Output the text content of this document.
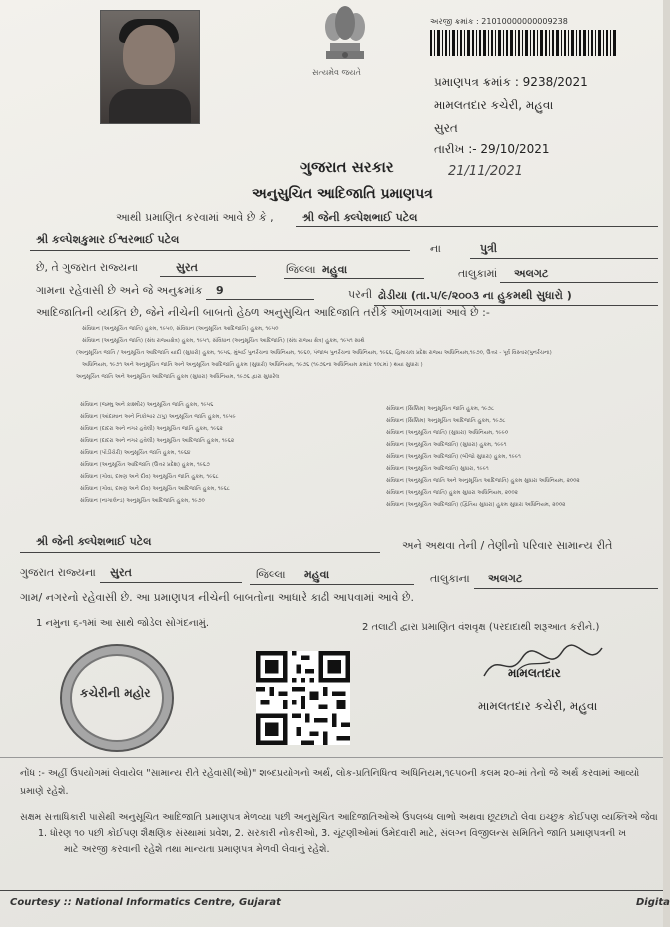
સત્યમેવ જયતે
અરજી ક્રમાંક : 21010000000009238
પ્રમાણપત્ર ક્રમાંક : 9238/2021
મામલતદાર કચેરી, મહુવા
સુરત
તારીખ :- 29/10/2021
21/11/2021
ગુજરાત સરકાર
અનુસુચિત આદિજાતિ પ્રમાણપત્ર
આથી પ્રમાણિત કરવામાં આવે છે કે ,	શ્રી જેની ક્લ્પેશભાઈ પટેલ
શ્રી કલ્પેશકુમાર ઈશ્વરભાઈ પટેલ
ના	પુત્રી
છે, તે ગુજરાત રાજ્યના	સુરત	જિલ્લા મહુવા	તાલુકામાં અલગટ
ગામના રહેવાસી છે અને જે અનુક્રમાંક 9	પરની ઢોડીયા (તા.૫/૯/૨૦૦૩ ના હુકમથી સુધારો )
આદિજાતિની વ્યક્તિ છે, જેને નીચેની બાબતો હેઠળ અનુસુચિત આદિજાતિ તરીકે ઓળખવામાં આવે છે :-
સંવિધાન (અનુસૂચિત જાતિ) હુકમ, ૧૯૫૦, સંવિધાન (અનુસૂચિત આદિજાતિ) હુકમ, ૧૯૫૦
સંવિધાન (અનુસૂચિત જાતિ) (સંઘ રાજ્યક્ષેત્ર) હુકમ, ૧૯૫૧, સંવિધાન (અનુસૂચિત આદિજાતિ) (સંઘ રાજ્ય ક્ષેત્ર) હુકમ, ૧૯૫૧ સાથે
(અનુસૂચિત જાતિ / અનુસૂચિત આદિજાતિ યાદી (સુધારો) હુકમ, ૧૯૫૬, મુંબઈ પુનર્રચના અધિનિયમ, ૧૯૬૦, પંજાબ પુનર્રચના અધિનિયમ, ૧૯૬૬, હિમાચલ પ્રદેશ રાજ્ય અધિનિયમ,૧૯૭૦, ઉત્તર - પૂર્વ વિસ્તાર(પુનર્રચના)
અધિનિયમ, ૧૯૭૧ અને અનુસૂચિત જાતિ અને અનુસૂચિત આદિજાતિ હુકમ (સુધારો) અધિનિયમ, ૧૯૭૬ (૧૯૭૬ના અધિનિયમ ક્રમાંક ૧૦૮માં ) થયા સુધારા )
અનુસૂચિત જાતિ અને અનુસૂચિત આદિજાતિ હુકમ (સુધારા) અધિનિયમ, ૧૯૭૬ દ્વારા સુધારેલ
સંવિધાન (જમ્મુ અને કાશ્મીર) અનુસૂચિત જાતિ હુકમ, ૧૯૫૬
સંવિધાન (આંદામાન અને નિકોબાર ટાપુ) અનુસૂચિત જાતિ હુકમ, ૧૯૫૯
સંવિધાન (દાદરા અને નગર હવેલી) અનુસૂચિત જાતિ હુકમ, ૧૯૬૨
સંવિધાન (દાદરા અને નગર હવેલી) અનુસૂચિત આદિજાતિ હુકમ, ૧૯૬૨
સંવિધાન (પોંડીચેરી) અનુસૂચિત જાતિ હુકમ, ૧૯૬૪
સંવિધાન (અનુસૂચિત આદિજાતિ (ઉત્તર પ્રદેશ) હુકમ, ૧૯૬૭
સંવિધાન (ગોવા, દમણ અને દીવ) અનુસૂચિત જાતિ હુકમ, ૧૯૬૮
સંવિધાન (ગોવા, દમણ અને દીવ) અનુસૂચિત આદિજાતિ હુકમ, ૧૯૬૮
સંવિધાન (નાગાલેન્ડ) અનુસૂચિત આદિજાતિ હુકમ, ૧૯૭૦
સંવિધાન (સિક્કિમ) અનુસૂચિત જાતિ હુકમ, ૧૯૭૮
સંવિધાન (સિક્કિમ) અનુસૂચિત આદિજાતિ હુકમ, ૧૯૭૮
સંવિધાન (અનુસૂચિત જાતિ) (સુધારા) અધિનિયમ, ૧૯૯૦
સંવિધાન (અનુસૂચિત આદિજાતિ) (સુધારા) હુકમ, ૧૯૯૧
સંવિધાન (અનુસૂચિત આદિજાતિ) (બીજો સુધારા) હુકમ, ૧૯૯૧
સંવિધાન (અનુસૂચિત આદિજાતિ) સુધારા, ૧૯૯૧
સંવિધાન (અનુસૂચિત જાતિ અને અનુસૂચિત આદિજાતિ) હુકમ સુધારા અધિનિયમ, ૨૦૦૨
સંવિધાન (અનુસૂચિત જાતિ) હુકમ સુધારા અધિનિયમ, ૨૦૦૨
સંવિધાન (અનુસૂચિત આદિજાતિ) (દ્વિતિય સુધારા) હુકમ સુધારા અધિનિયમ, ૨૦૦૨
શ્રી જેની ક્લ્પેશભાઈ પટેલ	અને અથવા તેની / તેણીનો પરિવાર સામાન્ય રીતે
ગુજરાત રાજ્યના સુરત	જિલ્લા મહુવા	તાલુકાના અલગટ
ગામ/ નગરનો રહેવાસી છે. આ પ્રમાણપત્ર નીચેની બાબતોના આધારે કાઢી આપવામાં આવે છે.
1 નમુના ૬-૧માં આ સાથે જોડેલ સોગંદનામું.	2 તલાટી દ્વારા પ્રમાણિત વંશવૃક્ષ (પરદાદાથી શરૂઆત કરીને.)
કચેરીની મહોર
મામલતદાર
મામલતદાર કચેરી, મહુવા
નોંધ :- અહીં ઉપયોગમાં લેવાયેલ "સામાન્ય રીતે રહેવાસી(ઓ)" શબ્દપ્રયોગનો અર્થ, લોક-પ્રતિનિધિત્વ અધિનિયમ,૧૯૫૦ની કલમ ૨૦-માં તેનો જે અર્થ કરવામાં આવ્યો
પ્રમાણે રહેશે.
સક્ષમ સત્તાધિકારી પાસેથી અનુસૂચિત આદિજાતિ પ્રમાણપત્ર મેળવ્યા પછી અનુસૂચિત આદિજાતિઓએ ઉપલબ્ધ લાભો અથવા છૂટછાટો લેવા ઇચ્છુક કોઈપણ વ્યક્તિએ જેવા
1. ધોરણ ૧૦ પછી કોઈપણ શૈક્ષણિક સંસ્થામાં પ્રવેશ, 2. સરકારી નોકરીઓ, 3. ચૂંટણીઓમાં ઉમેદવારી માટે, સંલગ્ન વિજીલન્સ સમિતિને જાતિ પ્રમાણપત્રની ખ
માટે અરજી કરવાની રહેશે તથા માન્યતા પ્રમાણપત્ર મેળવી લેવાનું રહેશે.
Courtesy :: National Informatics Centre, Gujarat	Digita
